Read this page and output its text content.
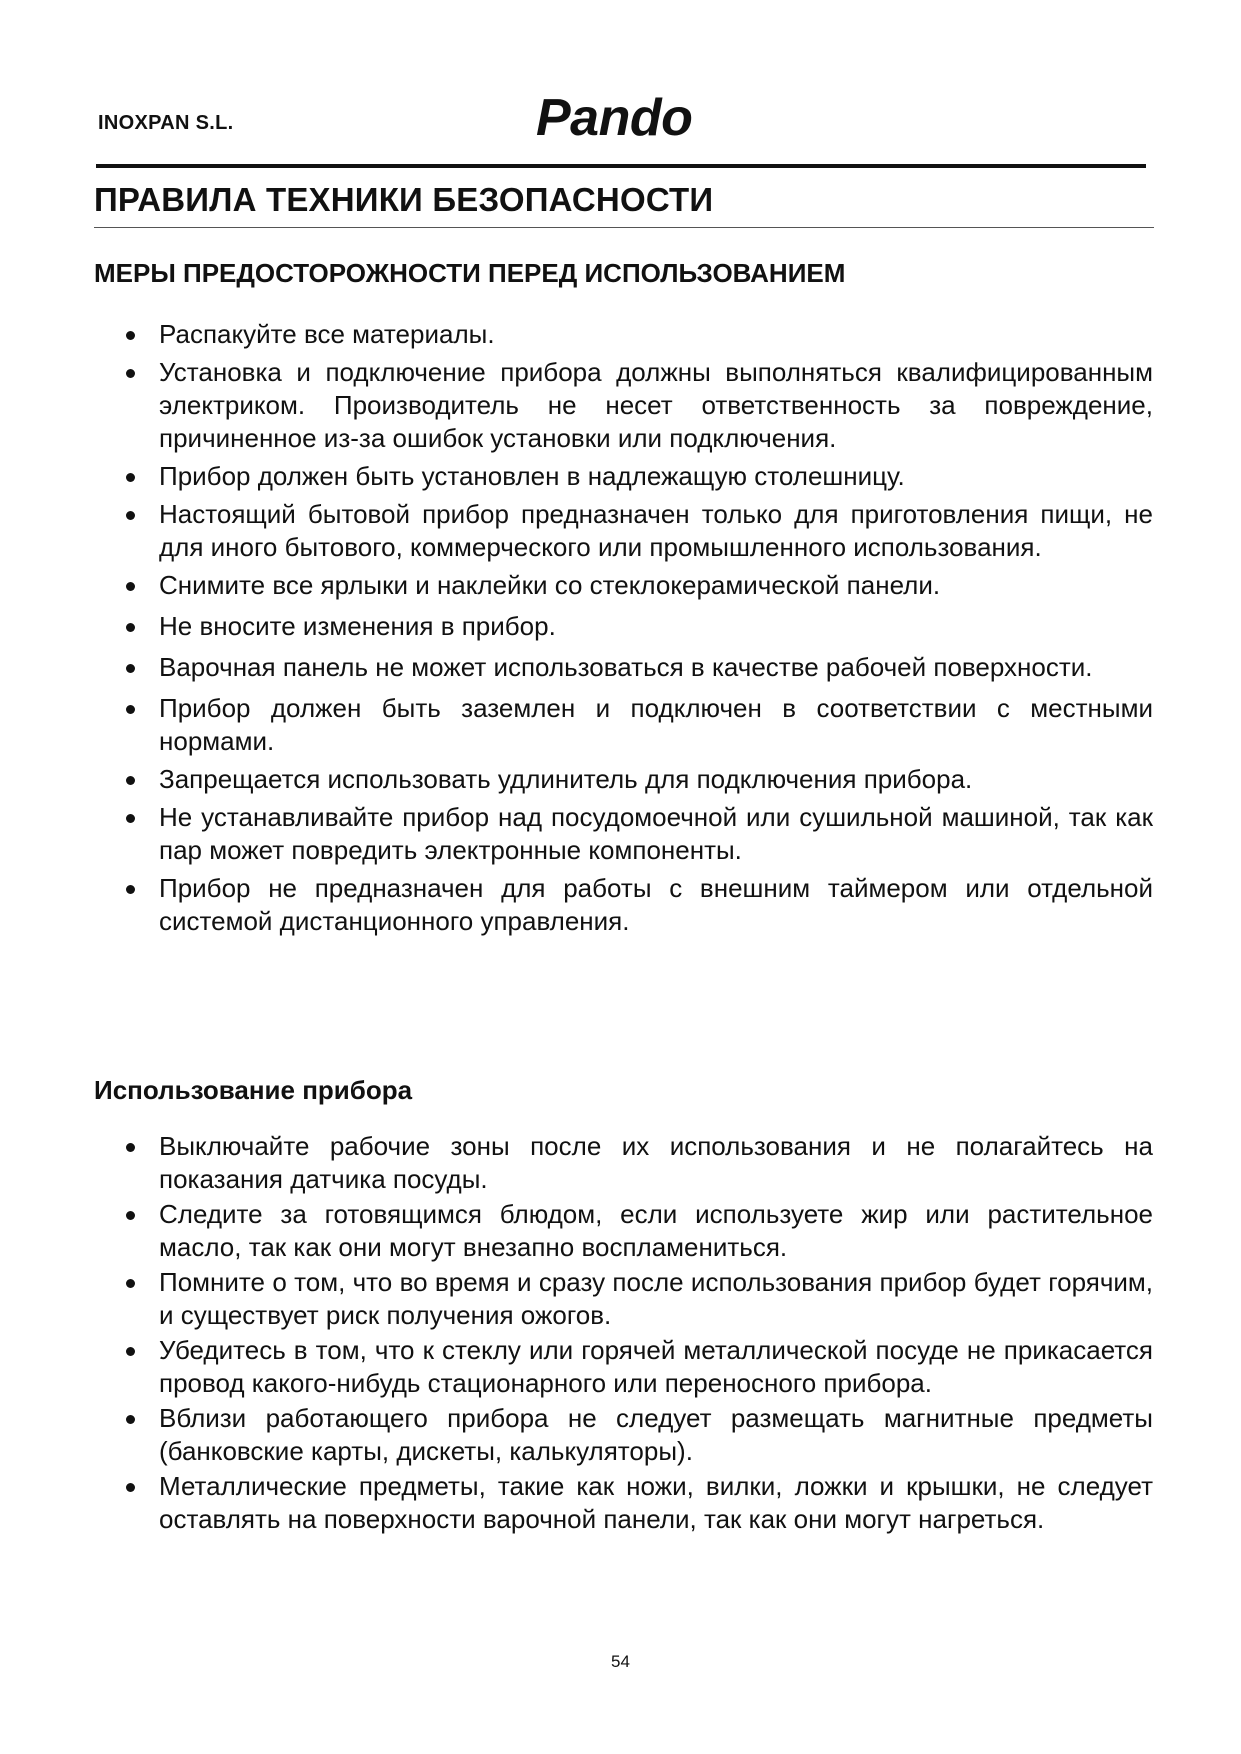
INOXPAN S.L.	Pando
ПРАВИЛА ТЕХНИКИ БЕЗОПАСНОСТИ
МЕРЫ ПРЕДОСТОРОЖНОСТИ ПЕРЕД ИСПОЛЬЗОВАНИЕМ
Распакуйте все материалы.
Установка и подключение прибора должны выполняться квалифицированным электриком. Производитель не несет ответственность за повреждение, причиненное из-за ошибок установки или подключения.
Прибор должен быть установлен в надлежащую столешницу.
Настоящий бытовой прибор предназначен только для приготовления пищи, не для иного бытового, коммерческого или промышленного использования.
Снимите все ярлыки и наклейки со стеклокерамической панели.
Не вносите изменения в прибор.
Варочная панель не может использоваться в качестве рабочей поверхности.
Прибор должен быть заземлен и подключен в соответствии с местными нормами.
Запрещается использовать удлинитель для подключения прибора.
Не устанавливайте прибор над посудомоечной или сушильной машиной, так как пар может повредить электронные компоненты.
Прибор не предназначен для работы с внешним таймером или отдельной системой дистанционного управления.
Использование прибора
Выключайте рабочие зоны после их использования и не полагайтесь на показания датчика посуды.
Следите за готовящимся блюдом, если используете жир или растительное масло, так как они могут внезапно воспламениться.
Помните о том, что во время и сразу после использования прибор будет горячим, и существует риск получения ожогов.
Убедитесь в том, что к стеклу или горячей металлической посуде не прикасается провод какого-нибудь стационарного или переносного прибора.
Вблизи работающего прибора не следует размещать магнитные предметы (банковские карты, дискеты, калькуляторы).
Металлические предметы, такие как ножи, вилки, ложки и крышки, не следует оставлять на поверхности варочной панели, так как они могут нагреться.
54
